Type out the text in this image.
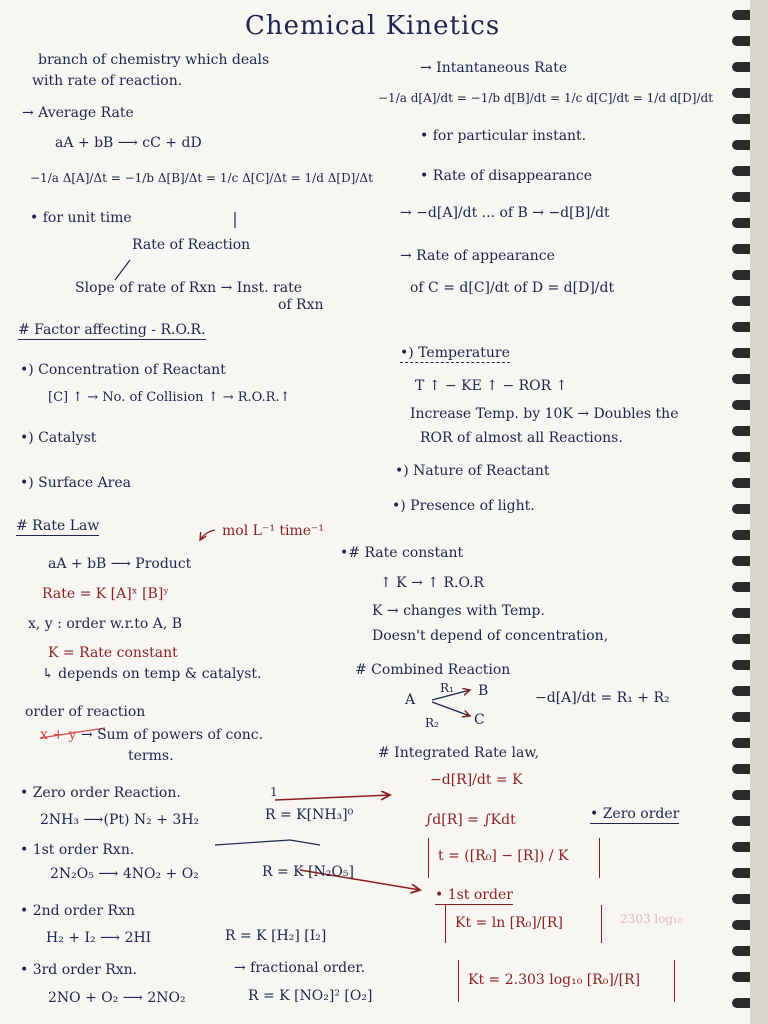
Chemical Kinetics
branch of chemistry which deals
with rate of reaction.
→ Average Rate
aA + bB ⟶ cC + dD
−1/a Δ[A]/Δt = −1/b Δ[B]/Δt = 1/c Δ[C]/Δt = 1/d Δ[D]/Δt
• for unit time
Rate of Reaction
Slope of rate of Rxn → Inst. rate
of Rxn
# Factor affecting - R.O.R.
•) Concentration of Reactant
[C] ↑ → No. of Collision ↑ → R.O.R.↑
•) Catalyst
•) Surface Area
# Rate Law	mol L⁻¹ time⁻¹
aA + bB ⟶ Product
Rate = K [A]ˣ [B]ʸ
x, y : order w.r.to A, B
K = Rate constant
↳ depends on temp & catalyst.
order of reaction
x + y → Sum of powers of conc.
terms.
• Zero order Reaction.	1
2NH₃ ⟶(Pt) N₂ + 3H₂	R = K[NH₃]⁰
• 1st order Rxn.
2N₂O₅ ⟶ 4NO₂ + O₂	R = K [N₂O₅]
• 2nd order Rxn
H₂ + I₂ ⟶ 2HI	R = K [H₂] [I₂]
• 3rd order Rxn.	→ fractional order.
2NO + O₂ ⟶ 2NO₂	R = K [NO₂]² [O₂]
→ Intantaneous Rate
−1/a d[A]/dt = −1/b d[B]/dt = 1/c d[C]/dt = 1/d d[D]/dt
• for particular instant.
• Rate of disappearance
→ −d[A]/dt ... of B → −d[B]/dt
→ Rate of appearance
of C = d[C]/dt of D = d[D]/dt
•) Temperature
T ↑ − KE ↑ − ROR ↑
Increase Temp. by 10K → Doubles the
ROR of almost all Reactions.
•) Nature of Reactant
•) Presence of light.
•# Rate constant
↑ K → ↑ R.O.R
K → changes with Temp.
Doesn't depend of concentration,
# Combined Reaction
A
R₁ B
R₂	C
−d[A]/dt = R₁ + R₂
# Integrated Rate law,
−d[R]/dt = K
∫d[R] = ∫Kdt	• Zero order
t = ([R₀] − [R]) / K
• 1st order
Kt = ln [R₀]/[R]	2303 log₁₀
Kt = 2.303 log₁₀ [R₀]/[R]
